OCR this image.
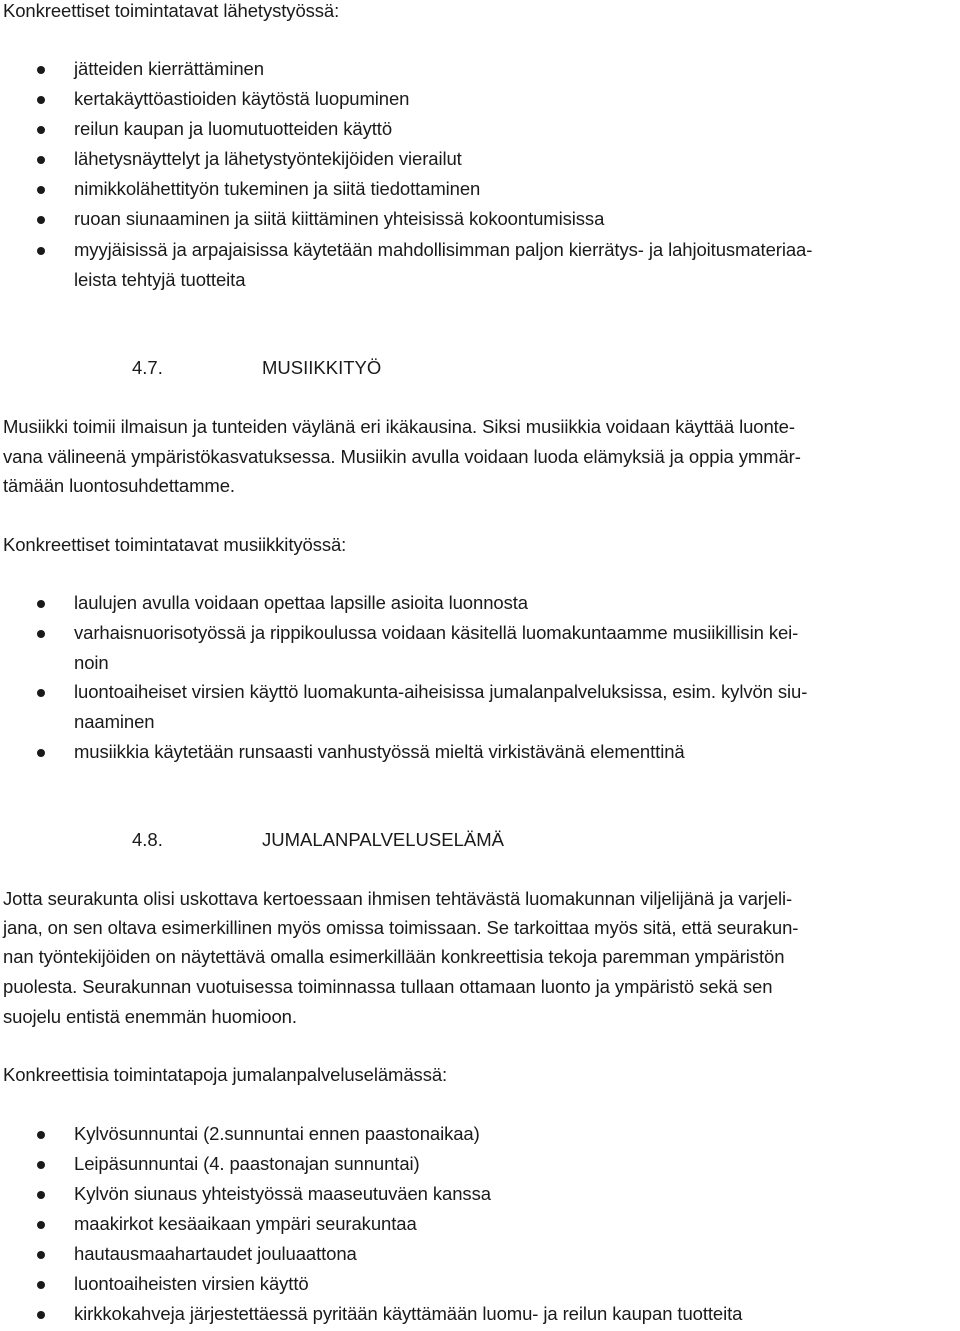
Konkreettiset toimintatavat lähetystyössä:
jätteiden kierrättäminen
kertakäyttöastioiden käytöstä luopuminen
reilun kaupan ja luomutuotteiden käyttö
lähetysnäyttelyt ja lähetystyöntekijöiden vierailut
nimikkolähettityön tukeminen ja siitä tiedottaminen
ruoan siunaaminen ja siitä kiittäminen yhteisissä kokoontumisissa
myyjäisissä ja arpajaisissa käytetään mahdollisimman paljon kierrätys- ja lahjoitusmateriaa-
leista tehtyjä tuotteita
4.7.	MUSIIKKITYÖ
Musiikki toimii ilmaisun ja tunteiden väylänä eri ikäkausina. Siksi musiikkia voidaan käyttää luonte-
vana välineenä ympäristökasvatuksessa. Musiikin avulla voidaan luoda elämyksiä ja oppia ymmär-
tämään luontosuhdettamme.
Konkreettiset toimintatavat musiikkityössä:
laulujen avulla voidaan opettaa lapsille asioita luonnosta
varhaisnuorisotyössä ja rippikoulussa voidaan käsitellä luomakuntaamme musiikillisin kei-
noin
luontoaiheiset virsien käyttö luomakunta-aiheisissa jumalanpalveluksissa, esim. kylvön siu-
naaminen
musiikkia käytetään runsaasti vanhustyössä mieltä virkistävänä elementtinä
4.8.	JUMALANPALVELUSELÄMÄ
Jotta seurakunta olisi uskottava kertoessaan ihmisen tehtävästä luomakunnan viljelijänä ja varjeli-
jana, on sen oltava esimerkillinen myös omissa toimissaan. Se tarkoittaa myös sitä, että seurakun-
nan työntekijöiden on näytettävä omalla esimerkillään konkreettisia tekoja paremman ympäristön
puolesta. Seurakunnan vuotuisessa toiminnassa tullaan ottamaan luonto ja ympäristö sekä sen
suojelu entistä enemmän huomioon.
Konkreettisia toimintatapoja jumalanpalveluselämässä:
Kylvösunnuntai (2.sunnuntai ennen paastonaikaa)
Leipäsunnuntai (4. paastonajan sunnuntai)
Kylvön siunaus yhteistyössä maaseutuväen kanssa
maakirkot kesäaikaan ympäri seurakuntaa
hautausmaahartaudet jouluaattona
luontoaiheisten virsien käyttö
kirkkokahveja järjestettäessä pyritään käyttämään luomu- ja reilun kaupan tuotteita
